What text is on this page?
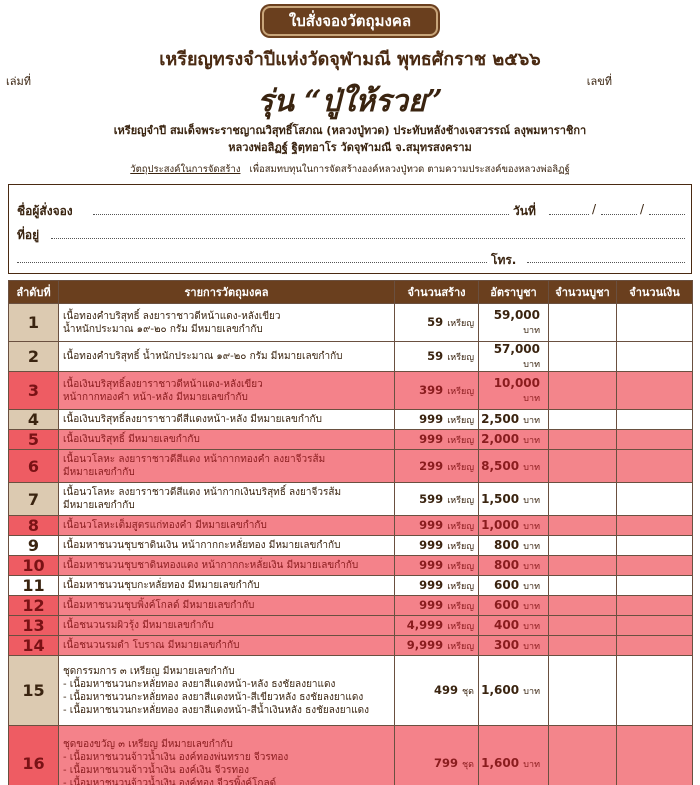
ใบสั่งจองวัตถุมงคล
เหรียญทรงจำปีแห่งวัดจุฬามณี พุทธศักราช ๒๕๖๖
เล่มที่	เลขที่
รุ่น “ปู่ให้รวย”
เหรียญจำปี สมเด็จพระราชญาณวิสุทธิ์โสภณ (หลวงปู่ทวด) ประทับหลังช้างเจสวรรณ์ ลงุพมหาราชิกา
หลวงพ่อลิฏฐ์ ฐิตฺทอาโร วัดจุฬามณี จ.สมุทรสงคราม
วัตถุประสงค์ในการจัดสร้าง เพื่อสมทบทุนในการจัดสร้างองค์หลวงปู่ทวด ตามความประสงค์ของหลวงพ่อลิฏฐ์
ชื่อผู้สั่งจอง	วันที่	/	/
ที่อยู่
โทร.
ลำดับที่	รายการวัตถุมงคล	จำนวนสร้าง	อัตราบูชา	จำนวนบูชา	จำนวนเงิน
1	เนื้อทองคำบริสุทธิ์ ลงยาราชาวดีหน้าแดง-หลังเขียว
น้ำหนักประมาณ ๑๙-๒๐ กรัม มีหมายเลขกำกับ	59 เหรียญ	59,000 บาท		
2	เนื้อทองคำบริสุทธิ์ น้ำหนักประมาณ ๑๙-๒๐ กรัม มีหมายเลขกำกับ	59 เหรียญ	57,000 บาท		
3	เนื้อเงินบริสุทธิ์ลงยาราชาวดีหน้าแดง-หลังเขียว
หน้ากากทองคำ หน้า-หลัง มีหมายเลขกำกับ	399 เหรียญ	10,000 บาท		
4	เนื้อเงินบริสุทธิ์ลงยาราชาวดีสีแดงหน้า-หลัง มีหมายเลขกำกับ	999 เหรียญ	2,500 บาท		
5	เนื้อเงินบริสุทธิ์ มีหมายเลขกำกับ	999 เหรียญ	2,000 บาท		
6	เนื้อนวโลหะ ลงยาราชาวดีสีแดง หน้ากากทองคำ ลงยาจีวรส้ม
มีหมายเลขกำกับ	299 เหรียญ	8,500 บาท		
7	เนื้อนวโลหะ ลงยาราชาวดีสีแดง หน้ากากเงินบริสุทธิ์ ลงยาจีวรส้ม
มีหมายเลขกำกับ	599 เหรียญ	1,500 บาท		
8	เนื้อนวโลหะเต็มสูตรแก่ทองคำ มีหมายเลขกำกับ	999 เหรียญ	1,000 บาท		
9	เนื้อมหาชนวนชุบชาดินเงิน หน้ากากกะหลั่ยทอง มีหมายเลขกำกับ	999 เหรียญ	800 บาท		
10	เนื้อมหาชนวนชุบชาดินทองแดง หน้ากากกะหลั่ยเงิน มีหมายเลขกำกับ	999 เหรียญ	800 บาท		
11	เนื้อมหาชนวนชุบกะหลั่ยทอง มีหมายเลขกำกับ	999 เหรียญ	600 บาท		
12	เนื้อมหาชนวนชุบพิ้งค์โกลด์ มีหมายเลขกำกับ	999 เหรียญ	600 บาท		
13	เนื้อชนวนรมผิวรุ้ง มีหมายเลขกำกับ	4,999 เหรียญ	400 บาท		
14	เนื้อชนวนรมดำ โบราณ มีหมายเลขกำกับ	9,999 เหรียญ	300 บาท		
15	ชุดกรรมการ ๓ เหรียญ มีหมายเลขกำกับ
- เนื้อมหาชนวนกะหลั่ยทอง ลงยาสีแดงหน้า-หลัง ธงชัยลงยาแดง
- เนื้อมหาชนวนกะหลั่ยทอง ลงยาสีแดงหน้า-สีเขียวหลัง ธงชัยลงยาแดง
- เนื้อมหาชนวนกะหลั่ยทอง ลงยาสีแดงหน้า-สีน้ำเงินหลัง ธงชัยลงยาแดง	499 ชุด	1,600 บาท		
16	ชุดของขวัญ ๓ เหรียญ มีหมายเลขกำกับ
- เนื้อมหาชนวนจ้าวน้ำเงิน องค์ทองพ่นทราย จีวรทอง
- เนื้อมหาชนวนจ้าวน้ำเงิน องค์เงิน จีวรทอง
- เนื้อมหาชนวนจ้าวน้ำเงิน องค์ทอง จีวรพิ้งค์โกลด์	799 ชุด	1,600 บาท		
